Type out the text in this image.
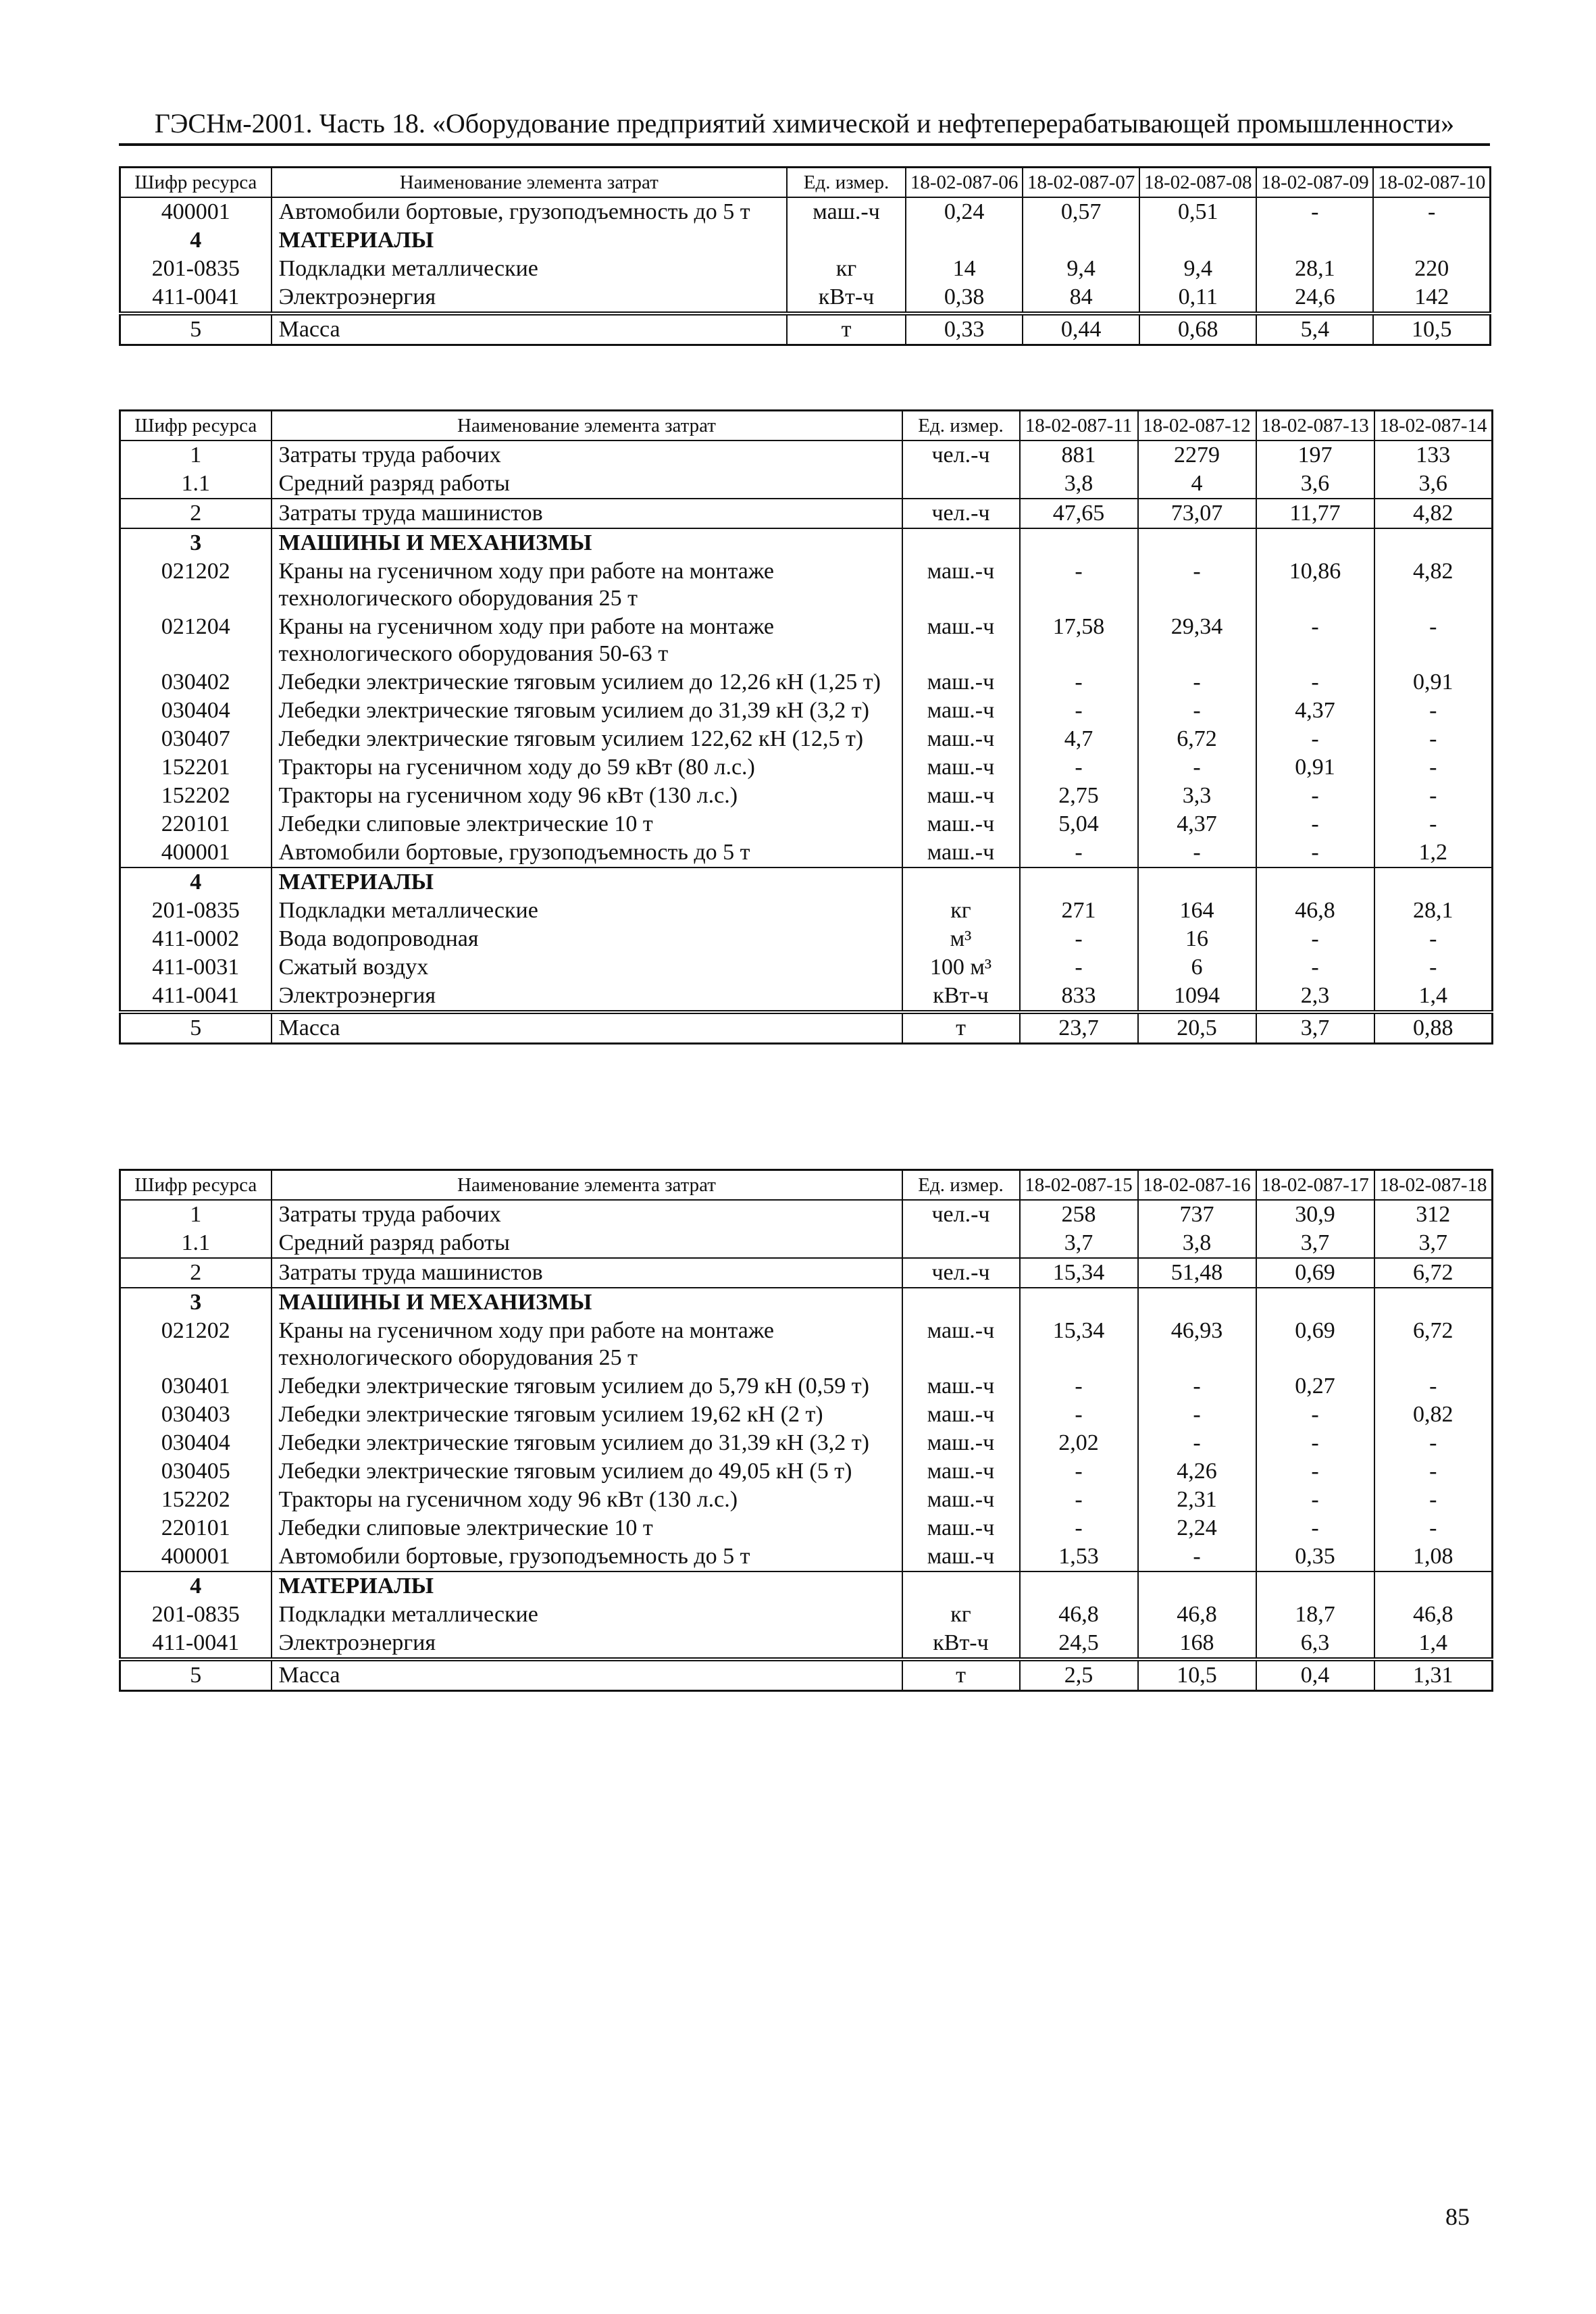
ГЭСНм-2001. Часть 18. «Оборудование предприятий химической и нефтеперерабатывающей промышленности»
Шифр ресурса	Наименование элемента затрат	Ед. измер.	18-02-087-06	18-02-087-07	18-02-087-08	18-02-087-09	18-02-087-10
400001	Автомобили бортовые, грузоподъемность до 5 т	маш.-ч	0,24	0,57	0,51	-	-
4	МАТЕРИАЛЫ						
201-0835	Подкладки металлические	кг	14	9,4	9,4	28,1	220
411-0041	Электроэнергия	кВт-ч	0,38	84	0,11	24,6	142
5	Масса	т	0,33	0,44	0,68	5,4	10,5
Шифр ресурса	Наименование элемента затрат	Ед. измер.	18-02-087-11	18-02-087-12	18-02-087-13	18-02-087-14
1	Затраты труда рабочих	чел.-ч	881	2279	197	133
1.1	Средний разряд работы		3,8	4	3,6	3,6
2	Затраты труда машинистов	чел.-ч	47,65	73,07	11,77	4,82
3	МАШИНЫ И МЕХАНИЗМЫ					
021202	Краны на гусеничном ходу при работе на монтаже технологического оборудования 25 т	маш.-ч	-	-	10,86	4,82
021204	Краны на гусеничном ходу при работе на монтаже технологического оборудования 50-63 т	маш.-ч	17,58	29,34	-	-
030402	Лебедки электрические тяговым усилием до 12,26 кН (1,25 т)	маш.-ч	-	-	-	0,91
030404	Лебедки электрические тяговым усилием до 31,39 кН (3,2 т)	маш.-ч	-	-	4,37	-
030407	Лебедки электрические тяговым усилием 122,62 кН (12,5 т)	маш.-ч	4,7	6,72	-	-
152201	Тракторы на гусеничном ходу до 59 кВт (80 л.с.)	маш.-ч	-	-	0,91	-
152202	Тракторы на гусеничном ходу 96 кВт (130 л.с.)	маш.-ч	2,75	3,3	-	-
220101	Лебедки слиповые электрические 10 т	маш.-ч	5,04	4,37	-	-
400001	Автомобили бортовые, грузоподъемность до 5 т	маш.-ч	-	-	-	1,2
4	МАТЕРИАЛЫ					
201-0835	Подкладки металлические	кг	271	164	46,8	28,1
411-0002	Вода водопроводная	м³	-	16	-	-
411-0031	Сжатый воздух	100 м³	-	6	-	-
411-0041	Электроэнергия	кВт-ч	833	1094	2,3	1,4
5	Масса	т	23,7	20,5	3,7	0,88
Шифр ресурса	Наименование элемента затрат	Ед. измер.	18-02-087-15	18-02-087-16	18-02-087-17	18-02-087-18
1	Затраты труда рабочих	чел.-ч	258	737	30,9	312
1.1	Средний разряд работы		3,7	3,8	3,7	3,7
2	Затраты труда машинистов	чел.-ч	15,34	51,48	0,69	6,72
3	МАШИНЫ И МЕХАНИЗМЫ					
021202	Краны на гусеничном ходу при работе на монтаже технологического оборудования 25 т	маш.-ч	15,34	46,93	0,69	6,72
030401	Лебедки электрические тяговым усилием до 5,79 кН (0,59 т)	маш.-ч	-	-	0,27	-
030403	Лебедки электрические тяговым усилием 19,62 кН (2 т)	маш.-ч	-	-	-	0,82
030404	Лебедки электрические тяговым усилием до 31,39 кН (3,2 т)	маш.-ч	2,02	-	-	-
030405	Лебедки электрические тяговым усилием до 49,05 кН (5 т)	маш.-ч	-	4,26	-	-
152202	Тракторы на гусеничном ходу 96 кВт (130 л.с.)	маш.-ч	-	2,31	-	-
220101	Лебедки слиповые электрические 10 т	маш.-ч	-	2,24	-	-
400001	Автомобили бортовые, грузоподъемность до 5 т	маш.-ч	1,53	-	0,35	1,08
4	МАТЕРИАЛЫ					
201-0835	Подкладки металлические	кг	46,8	46,8	18,7	46,8
411-0041	Электроэнергия	кВт-ч	24,5	168	6,3	1,4
5	Масса	т	2,5	10,5	0,4	1,31
85
